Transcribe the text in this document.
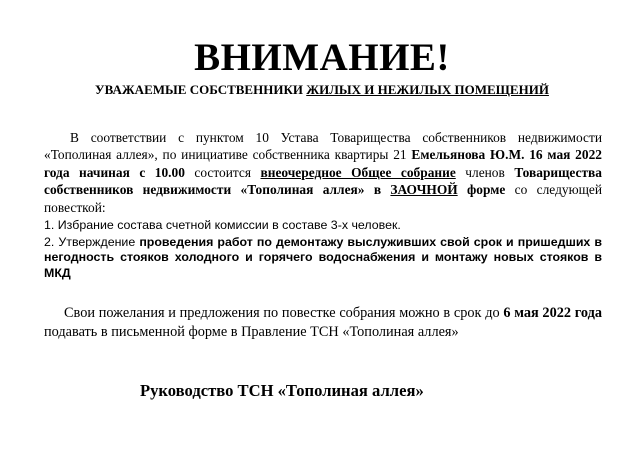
ВНИМАНИЕ!
УВАЖАЕМЫЕ СОБСТВЕННИКИ ЖИЛЫХ И НЕЖИЛЫХ ПОМЕЩЕНИЙ

В соответствии с пунктом 10 Устава Товарищества собственников недвижимости «Тополиная аллея», по инициативе собственника квартиры 21 Емельянова Ю.М. 16 мая 2022 года начиная с 10.00 состоится внеочередное Общее собрание членов Товарищества собственников недвижимости «Тополиная аллея» в ЗАОЧНОЙ форме со следующей повесткой:

1. Избрание состава счетной комиссии в составе 3-х человек.
2. Утверждение проведения работ по демонтажу выслуживших свой срок и пришедших в негодность стояков холодного и горячего водоснабжения и монтажу новых стояков в МКД

Свои пожелания и предложения по повестке собрания можно в срок до 6 мая 2022 года подавать в письменной форме в Правление ТСН «Тополиная аллея»

Руководство ТСН «Тополиная аллея»
